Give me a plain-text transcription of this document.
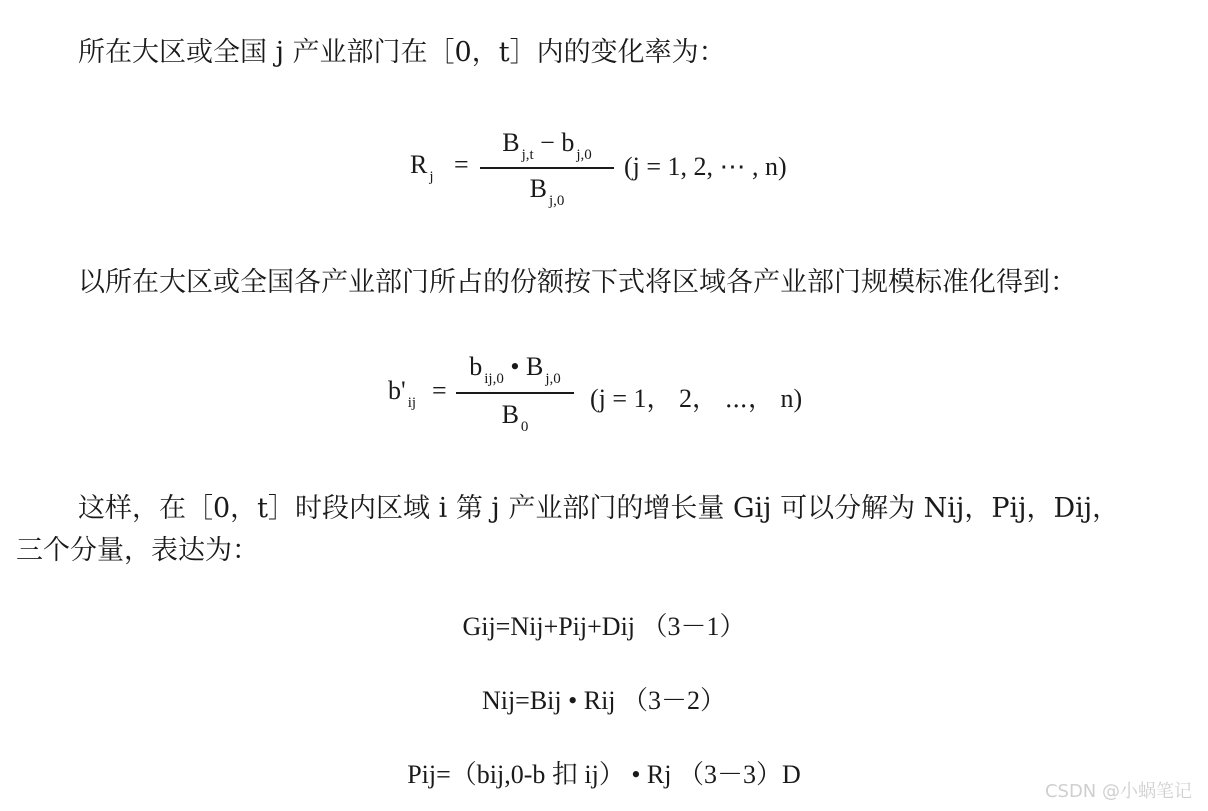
所在大区或全国 j 产业部门在［0，t］内的变化率为：
R $_j$ =
B $_{j,t}$ − b $_{j,0}$
B $_{j,0}$
(j = 1, 2, ⋯ , n)
以所在大区或全国各产业部门所占的份额按下式将区域各产业部门规模标准化得到：
b' $_{ij}$ =
b $_{ij,0}$ • B $_{j,0}$
B $_0$
(j = 1， 2， ⋯， n)
这样，在［0，t］时段内区域 i 第 j 产业部门的增长量 Gij 可以分解为 Nij，Pij，Dij，
三个分量，表达为：
Gij=Nij+Pij+Dij （3－1）
Nij=Bij • Rij （3－2）
Pij=（bij,0-b 扣 ij） • Rj （3－3）D
CSDN @小蜗笔记
